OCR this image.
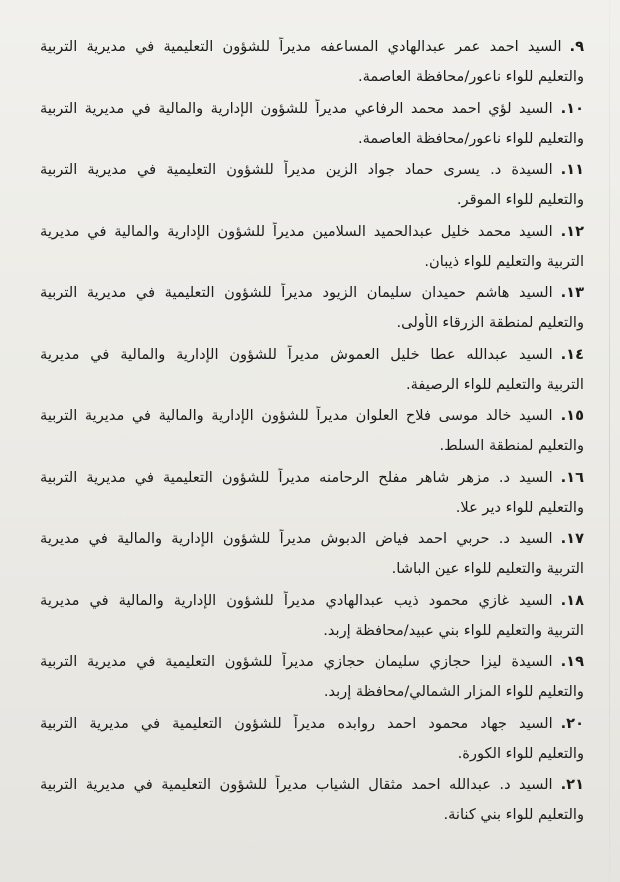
٩.السيد احمد عمر عبدالهادي المساعفه مديراً للشؤون التعليمية في مديرية التربية
والتعليم للواء ناعور/محافظة العاصمة.
١٠.السيد لؤي احمد محمد الرفاعي مديراً للشؤون الإدارية والمالية في مديرية التربية
والتعليم للواء ناعور/محافظة العاصمة.
١١.السيدة د. يسرى حماد جواد الزين مديراً للشؤون التعليمية في مديرية التربية
والتعليم للواء الموقر.
١٢.السيد محمد خليل عبدالحميد السلامين مديراً للشؤون الإدارية والمالية في مديرية
التربية والتعليم للواء ذيبان.
١٣.السيد هاشم حميدان سليمان الزيود مديراً للشؤون التعليمية في مديرية التربية
والتعليم لمنطقة الزرقاء الأولى.
١٤.السيد عبدالله عطا خليل العموش مديراً للشؤون الإدارية والمالية في مديرية
التربية والتعليم للواء الرصيفة.
١٥.السيد خالد موسى فلاح العلوان مديراً للشؤون الإدارية والمالية في مديرية التربية
والتعليم لمنطقة السلط.
١٦.السيد د. مزهر شاهر مفلح الرحامنه مديراً للشؤون التعليمية في مديرية التربية
والتعليم للواء دير علا.
١٧.السيد د. حربي احمد فياض الدبوش مديراً للشؤون الإدارية والمالية في مديرية
التربية والتعليم للواء عين الباشا.
١٨.السيد غازي محمود ذيب عبدالهادي مديراً للشؤون الإدارية والمالية في مديرية
التربية والتعليم للواء بني عبيد/محافظة إربد.
١٩.السيدة ليزا حجازي سليمان حجازي مديراً للشؤون التعليمية في مديرية التربية
والتعليم للواء المزار الشمالي/محافظة إربد.
٢٠.السيد جهاد محمود احمد روابده مديراً للشؤون التعليمية في مديرية التربية
والتعليم للواء الكورة.
٢١.السيد د. عبدالله احمد مثقال الشياب مديراً للشؤون التعليمية في مديرية التربية
والتعليم للواء بني كنانة.
